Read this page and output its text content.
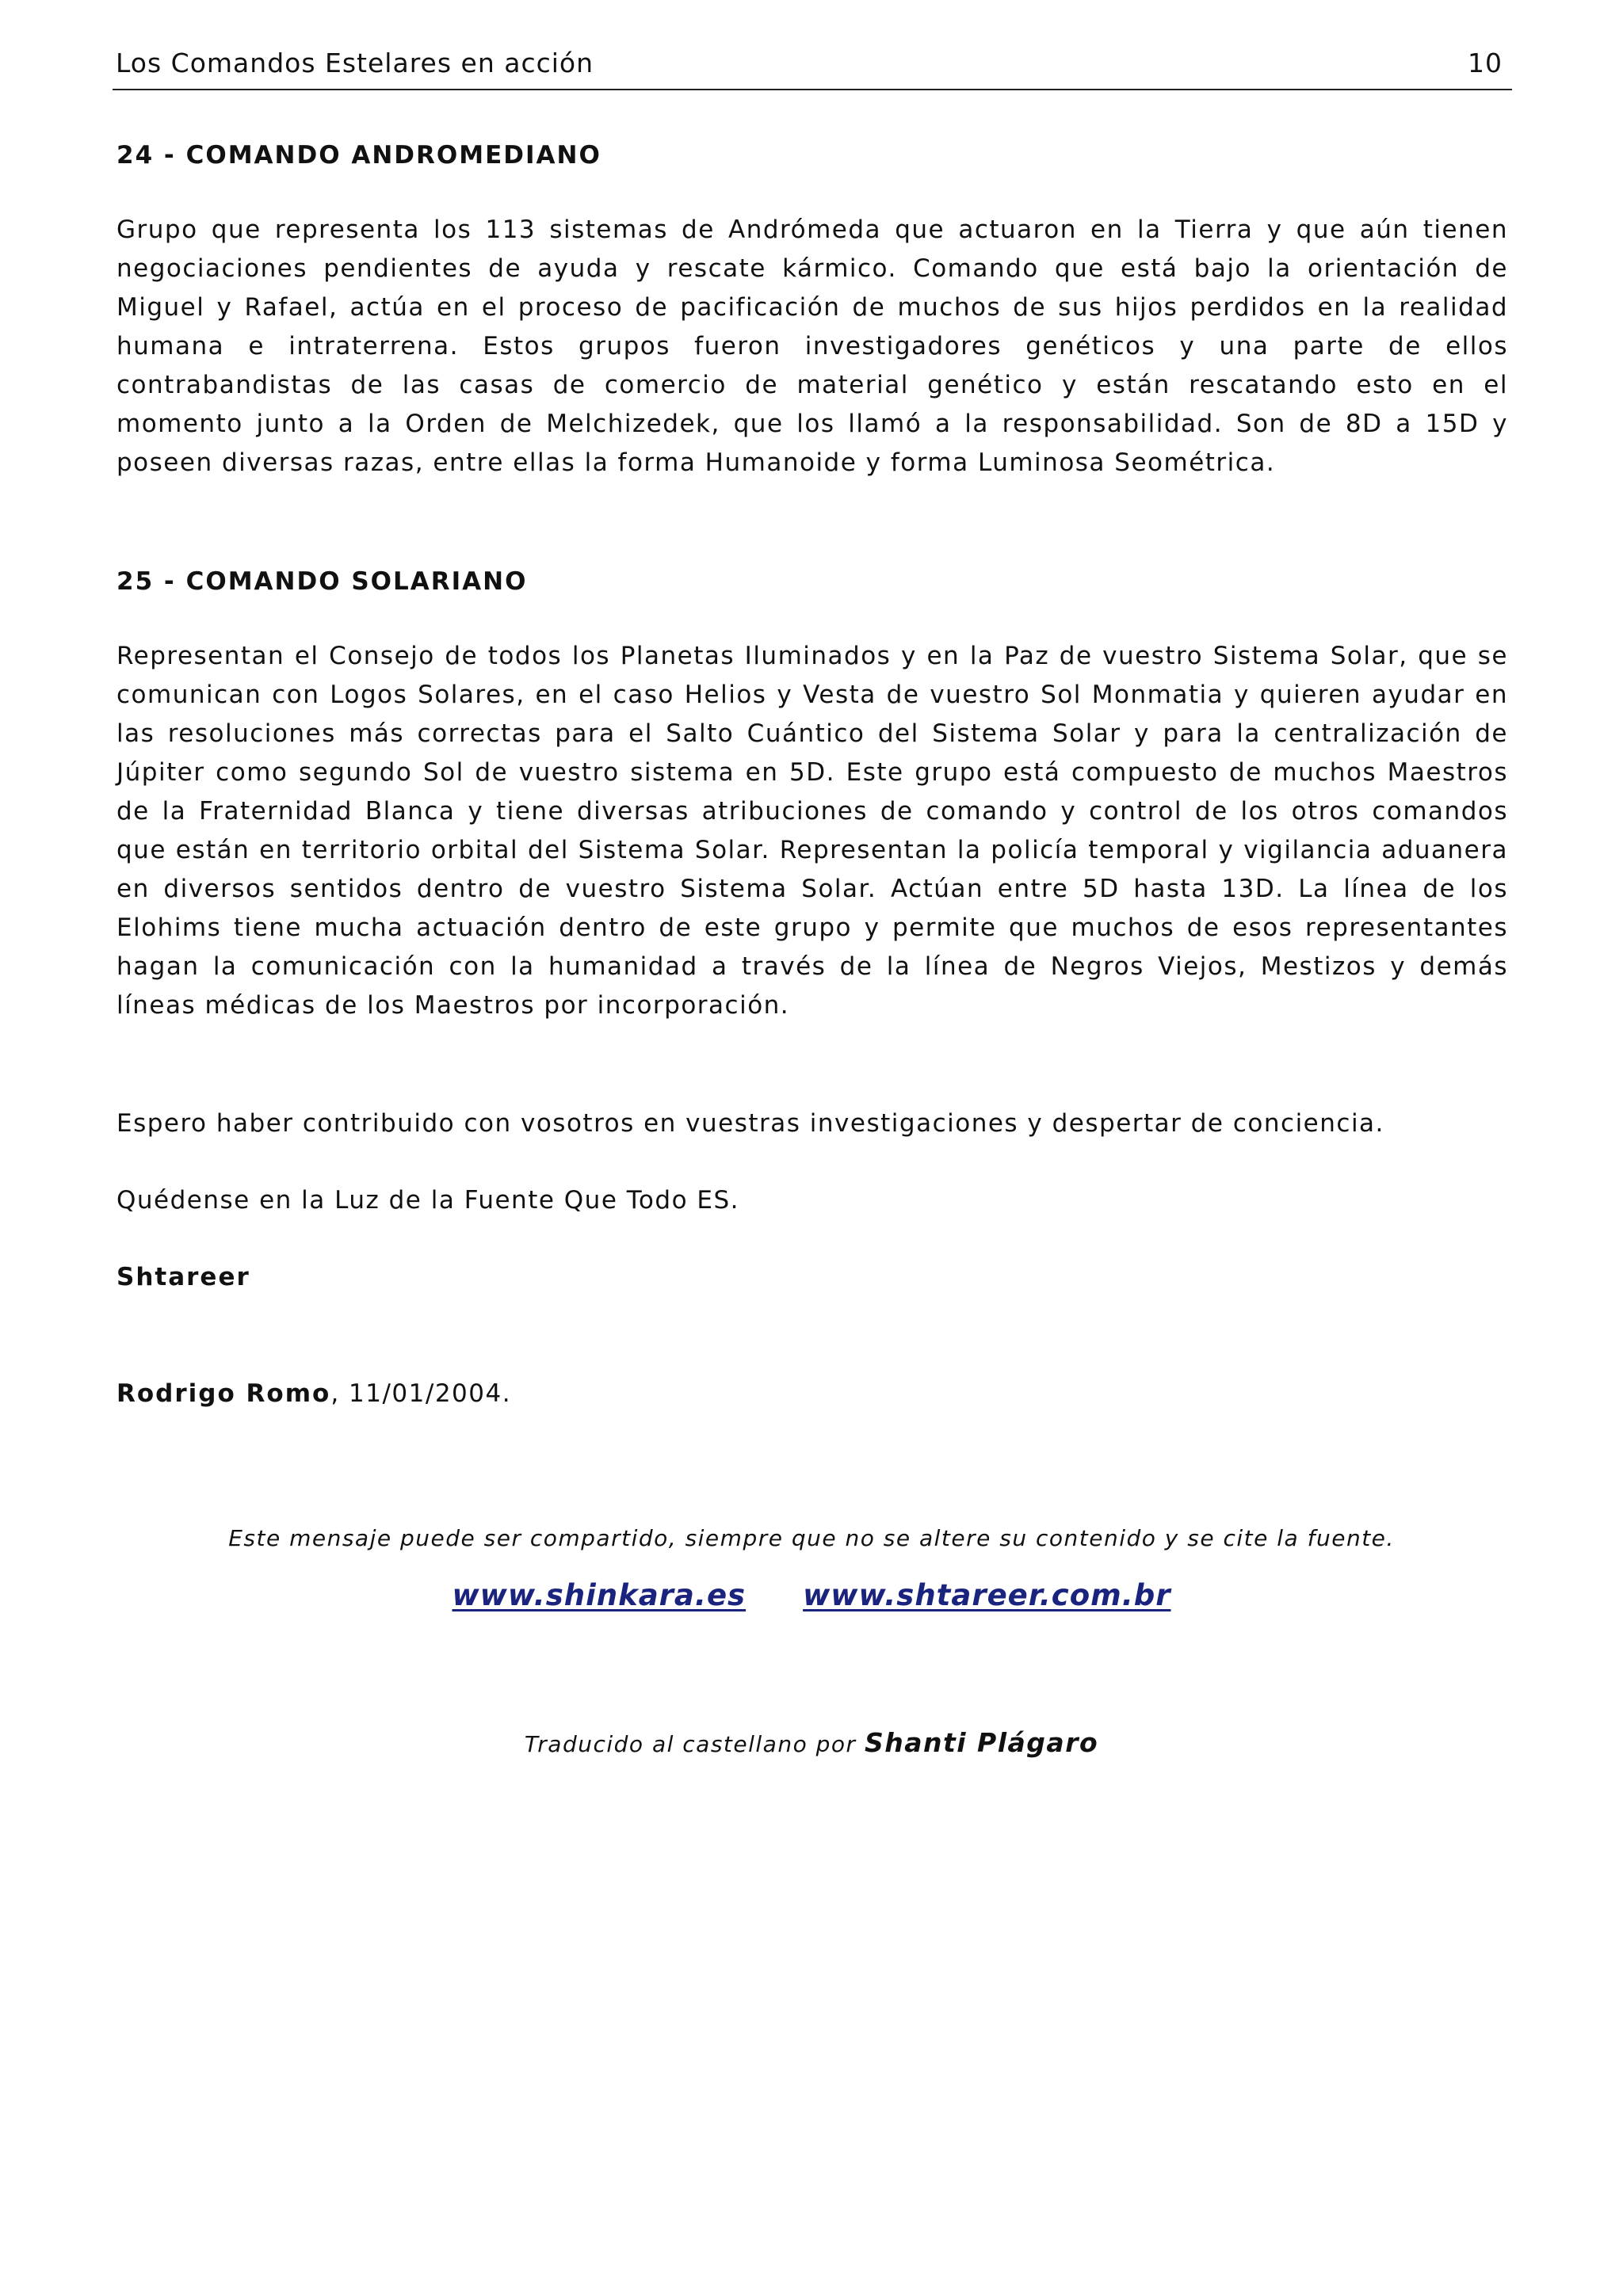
Los Comandos Estelares en acción	10
24 - COMANDO ANDROMEDIANO

Grupo que representa los 113 sistemas de Andrómeda que actuaron en la Tierra y que aún tienen negociaciones pendientes de ayuda y rescate kármico. Comando que está bajo la orientación de Miguel y Rafael, actúa en el proceso de pacificación de muchos de sus hijos perdidos en la realidad humana e intraterrena. Estos grupos fueron investigadores genéticos y una parte de ellos contrabandistas de las casas de comercio de material genético y están rescatando esto en el momento junto a la Orden de Melchizedek, que los llamó a la responsabilidad. Son de 8D a 15D y poseen diversas razas, entre ellas la forma Humanoide y forma Luminosa Seométrica.

25 - COMANDO SOLARIANO

Representan el Consejo de todos los Planetas Iluminados y en la Paz de vuestro Sistema Solar, que se comunican con Logos Solares, en el caso Helios y Vesta de vuestro Sol Monmatia y quieren ayudar en las resoluciones más correctas para el Salto Cuántico del Sistema Solar y para la centralización de Júpiter como segundo Sol de vuestro sistema en 5D. Este grupo está compuesto de muchos Maestros de la Fraternidad Blanca y tiene diversas atribuciones de comando y control de los otros comandos que están en territorio orbital del Sistema Solar. Representan la policía temporal y vigilancia aduanera en diversos sentidos dentro de vuestro Sistema Solar. Actúan entre 5D hasta 13D. La línea de los Elohims tiene mucha actuación dentro de este grupo y permite que muchos de esos representantes hagan la comunicación con la humanidad a través de la línea de Negros Viejos, Mestizos y demás líneas médicas de los Maestros por incorporación.

Espero haber contribuido con vosotros en vuestras investigaciones y despertar de conciencia.

Quédense en la Luz de la Fuente Que Todo ES.

Shtareer
Rodrigo Romo, 11/01/2004.
Este mensaje puede ser compartido, siempre que no se altere su contenido y se cite la fuente.
www.shinkara.es www.shtareer.com.br
Traducido al castellano por Shanti Plágaro
